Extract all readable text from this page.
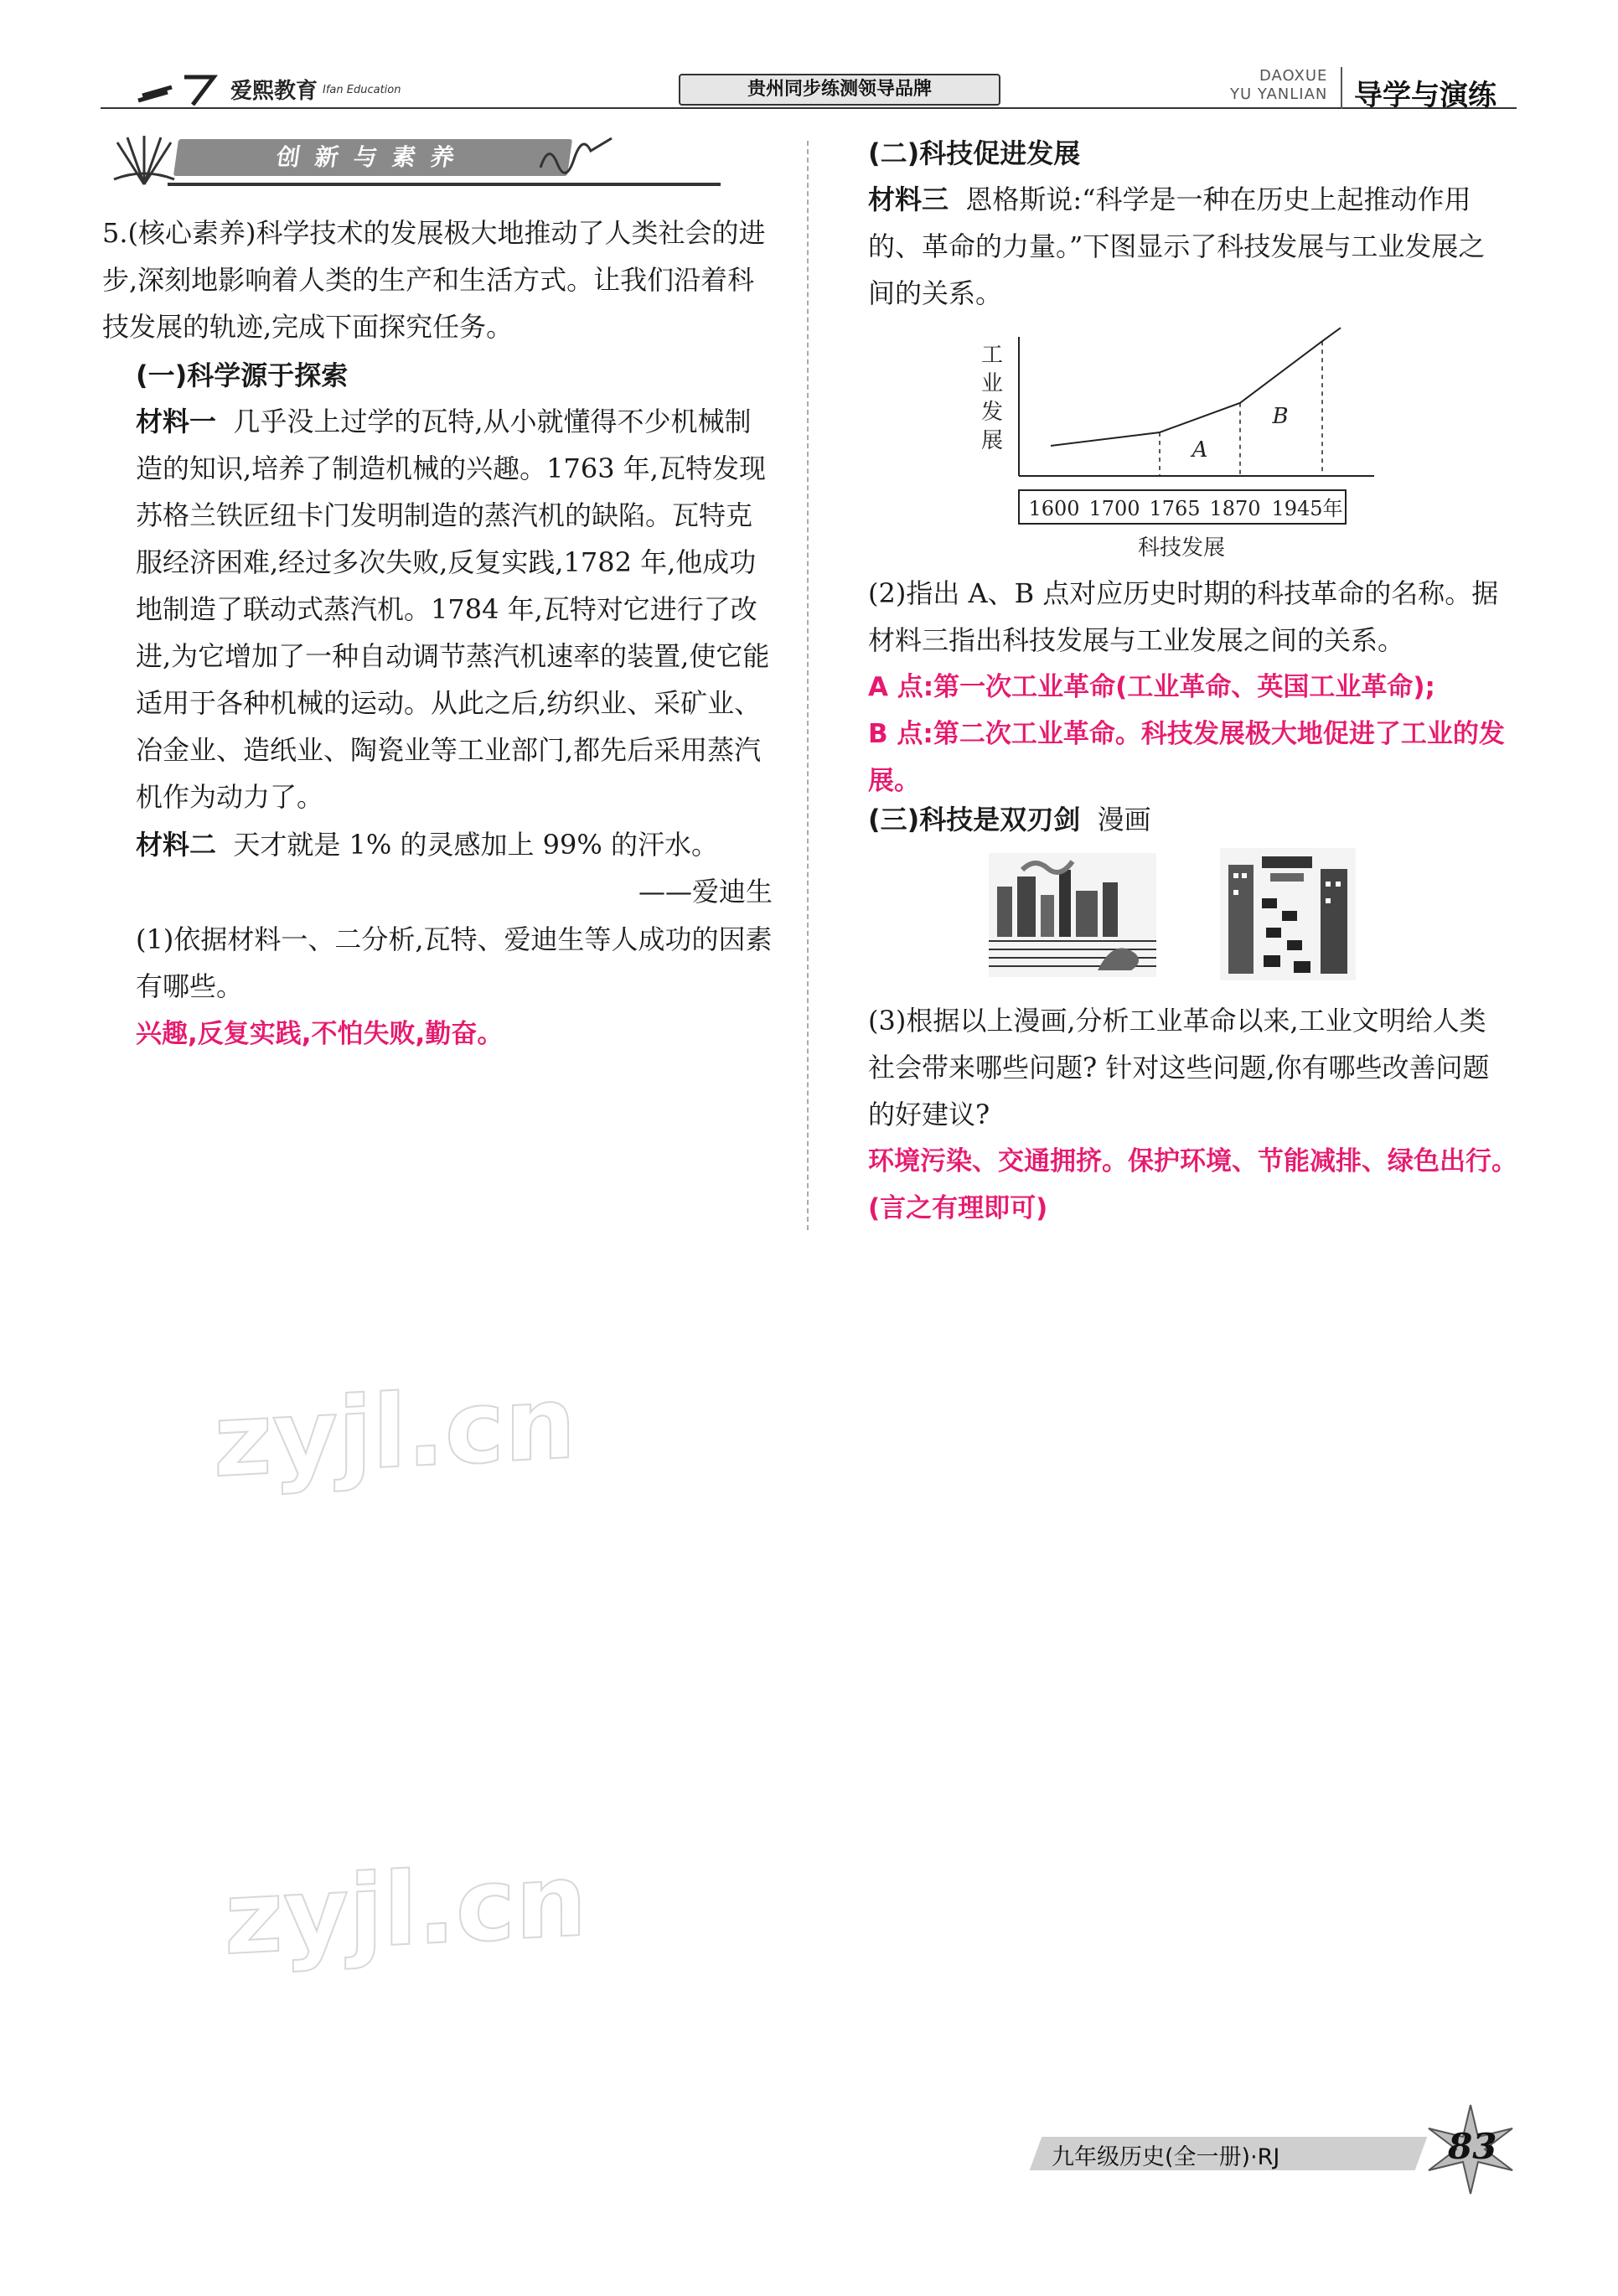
爱熙教育 Ifan Education	贵州同步练测领导品牌
DAOXUE
YU YANLIAN 导学与演练
创新与素养
5.(核心素养)科学技术的发展极大地推动了人类社会的进步,深刻地影响着人类的生产和生活方式。让我们沿着科技发展的轨迹,完成下面探究任务。
(一)科学源于探索
材料一 几乎没上过学的瓦特,从小就懂得不少机械制造的知识,培养了制造机械的兴趣。1763 年,瓦特发现苏格兰铁匠纽卡门发明制造的蒸汽机的缺陷。瓦特克服经济困难,经过多次失败,反复实践,1782 年,他成功地制造了联动式蒸汽机。1784 年,瓦特对它进行了改进,为它增加了一种自动调节蒸汽机速率的装置,使它能适用于各种机械的运动。从此之后,纺织业、采矿业、冶金业、造纸业、陶瓷业等工业部门,都先后采用蒸汽机作为动力了。
材料二 天才就是 1% 的灵感加上 99% 的汗水。
——爱迪生
(1)依据材料一、二分析,瓦特、爱迪生等人成功的因素有哪些。
兴趣,反复实践,不怕失败,勤奋。
(二)科技促进发展
材料三 恩格斯说:“科学是一种在历史上起推动作用的、革命的力量。”下图显示了科技发展与工业发展之间的关系。
工
业
发
展	A
B
1600 1700 1765 1870 1945年
科技发展
(2)指出 A、B 点对应历史时期的科技革命的名称。据材料三指出科技发展与工业发展之间的关系。
A 点:第一次工业革命(工业革命、英国工业革命);
B 点:第二次工业革命。科技发展极大地促进了工业的发展。
(三)科技是双刃剑 漫画
(3)根据以上漫画,分析工业革命以来,工业文明给人类社会带来哪些问题? 针对这些问题,你有哪些改善问题的好建议?
环境污染、交通拥挤。保护环境、节能减排、绿色出行。(言之有理即可)
zyjl.cn
zyjl.cn
九年级历史(全一册)·RJ	83
